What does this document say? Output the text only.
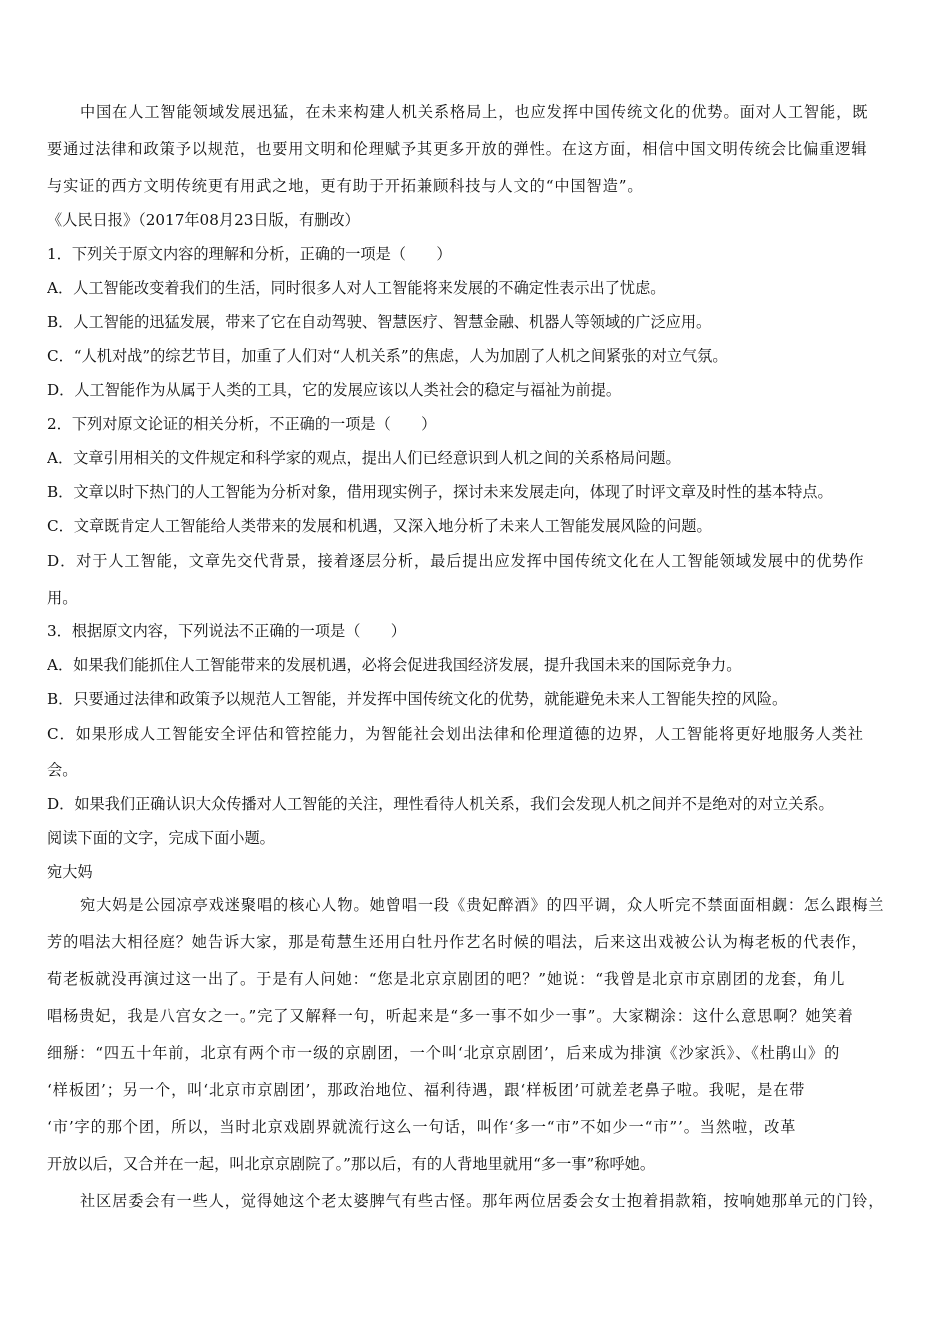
中国在人工智能领域发展迅猛，在未来构建人机关系格局上，也应发挥中国传统文化的优势。面对人工智能，既
要通过法律和政策予以规范，也要用文明和伦理赋予其更多开放的弹性。在这方面，相信中国文明传统会比偏重逻辑
与实证的西方文明传统更有用武之地，更有助于开拓兼顾科技与人文的“中国智造”。
《人民日报》（2017年08月23日版，有删改）
1．下列关于原文内容的理解和分析，正确的一项是（　　）
A．人工智能改变着我们的生活，同时很多人对人工智能将来发展的不确定性表示出了忧虑。
B．人工智能的迅猛发展，带来了它在自动驾驶、智慧医疗、智慧金融、机器人等领域的广泛应用。
C．“人机对战”的综艺节目，加重了人们对“人机关系”的焦虑，人为加剧了人机之间紧张的对立气氛。
D．人工智能作为从属于人类的工具，它的发展应该以人类社会的稳定与福祉为前提。
2．下列对原文论证的相关分析，不正确的一项是（　　）
A．文章引用相关的文件规定和科学家的观点，提出人们已经意识到人机之间的关系格局问题。
B．文章以时下热门的人工智能为分析对象，借用现实例子，探讨未来发展走向，体现了时评文章及时性的基本特点。
C．文章既肯定人工智能给人类带来的发展和机遇，又深入地分析了未来人工智能发展风险的问题。
D．对于人工智能，文章先交代背景，接着逐层分析，最后提出应发挥中国传统文化在人工智能领域发展中的优势作
用。
3．根据原文内容，下列说法不正确的一项是（　　）
A．如果我们能抓住人工智能带来的发展机遇，必将会促进我国经济发展，提升我国未来的国际竞争力。
B．只要通过法律和政策予以规范人工智能，并发挥中国传统文化的优势，就能避免未来人工智能失控的风险。
C．如果形成人工智能安全评估和管控能力，为智能社会划出法律和伦理道德的边界，人工智能将更好地服务人类社
会。
D．如果我们正确认识大众传播对人工智能的关注，理性看待人机关系，我们会发现人机之间并不是绝对的对立关系。
阅读下面的文字，完成下面小题。
宛大妈
宛大妈是公园凉亭戏迷聚唱的核心人物。她曾唱一段《贵妃醉酒》的四平调，众人听完不禁面面相觑：怎么跟梅兰
芳的唱法大相径庭？她告诉大家，那是荀慧生还用白牡丹作艺名时候的唱法，后来这出戏被公认为梅老板的代表作，
荀老板就没再演过这一出了。于是有人问她：“您是北京京剧团的吧？”她说：“我曾是北京市京剧团的龙套，角儿
唱杨贵妃，我是八宫女之一。”完了又解释一句，听起来是“多一事不如少一事”。大家糊涂：这什么意思啊？她笑着
细掰：“四五十年前，北京有两个市一级的京剧团，一个叫‘北京京剧团’，后来成为排演《沙家浜》、《杜鹃山》的
‘样板团’；另一个，叫‘北京市京剧团’，那政治地位、福利待遇，跟‘样板团’可就差老鼻子啦。我呢，是在带
‘市’字的那个团，所以，当时北京戏剧界就流行这么一句话，叫作‘多一“市”不如少一“市”’。当然啦，改革
开放以后，又合并在一起，叫北京京剧院了。”那以后，有的人背地里就用“多一事”称呼她。
社区居委会有一些人，觉得她这个老太婆脾气有些古怪。那年两位居委会女士抱着捐款箱，按响她那单元的门铃，
